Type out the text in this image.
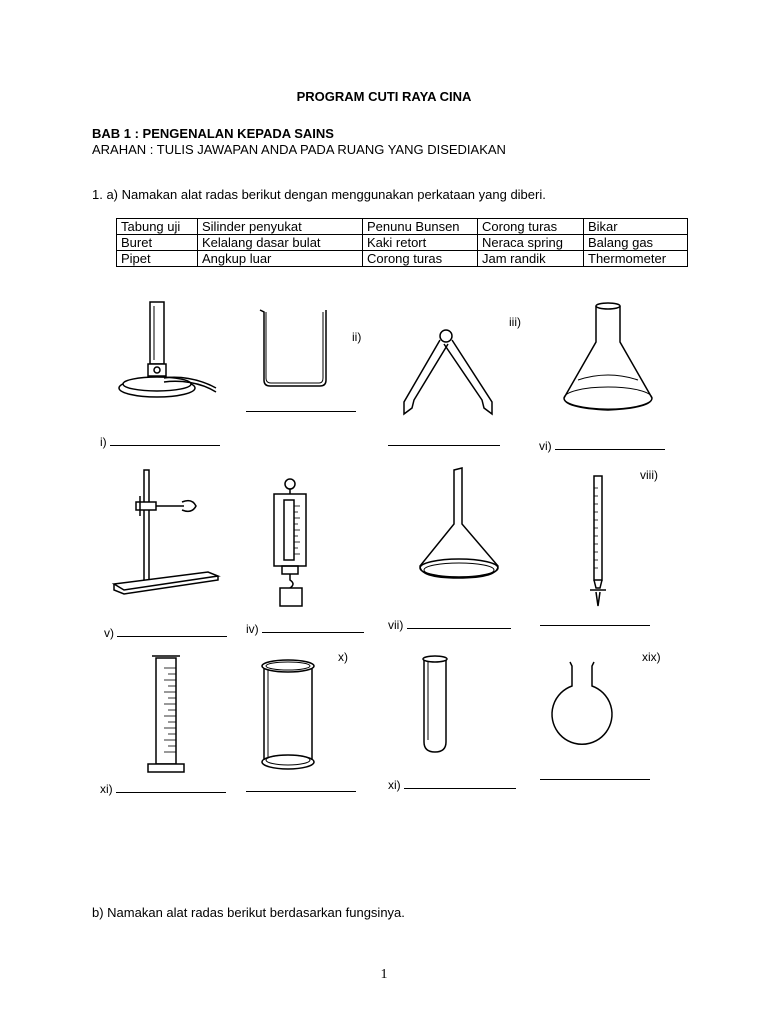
PROGRAM CUTI RAYA CINA
BAB 1 : PENGENALAN KEPADA SAINS
ARAHAN : TULIS JAWAPAN ANDA PADA RUANG YANG DISEDIAKAN
1. a) Namakan alat radas berikut dengan menggunakan perkataan yang diberi.
Tabung uji	Silinder penyukat	Penunu Bunsen	Corong turas	Bikar
Buret	Kelalang dasar bulat	Kaki retort	Neraca spring	Balang gas
Pipet	Angkup luar	Corong turas	Jam randik	Thermometer
ii)
iii)
i)	vi)
viii)
v)	iv)	vii)
x)	xix)
xi)	xi)
b) Namakan alat radas berikut berdasarkan fungsinya.
1
